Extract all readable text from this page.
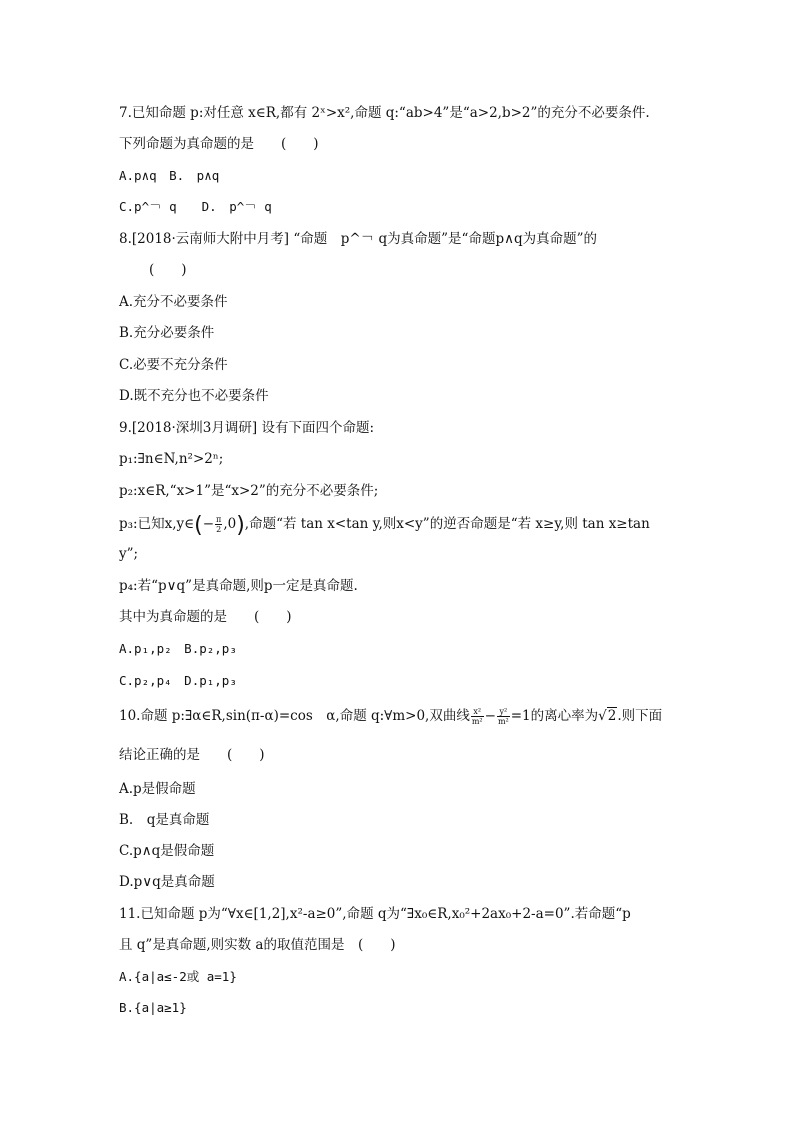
7.已知命题 p:对任意 x∈R,都有 2ˣ>x²,命题 q:“ab>4”是“a>2,b>2”的充分不必要条件.
下列命题为真命题的是　　(　　)
A.p∧q　B.　p∧q
C.p^￢ q　　D.　p^￢ q
8.[2018·云南师大附中月考] “命题　p^￢ q为真命题”是“命题p∧q为真命题”的
(　　)
A.充分不必要条件
B.充分必要条件
C.必要不充分条件
D.既不充分也不必要条件
9.[2018·深圳3月调研] 设有下面四个命题:
p₁:∃n∈N,n²>2ⁿ;
p₂:x∈R,“x>1”是“x>2”的充分不必要条件;
p₃:已知x,y∈(− $\frac{\pi}{2} ,0$),命题“若 tan x<tan y,则x<y”的逆否命题是“若 x≥y,则 tan x≥tan
y”;
p₄:若“p∨q”是真命题,则p一定是真命题.
其中为真命题的是　　(　　)
A.p₁,p₂　B.p₂,p₃
C.p₂,p₄　D.p₁,p₃
10.命题 p:∃α∈R,sin(π-α)=cos　α,命题 q:∀m>0,双曲线 $\frac{\text{x²}}{\text{m²}} - \frac{\text{y²}}{\text{m²}} =1$的离心率为√2.则下面
结论正确的是　　(　　)
A.p是假命题
B.　q是真命题
C.p∧q是假命题
D.p∨q是真命题
11.已知命题 p为“∀x∈[1,2],x²-a≥0”,命题 q为“∃x₀∈R,x₀²+2ax₀+2-a=0”.若命题“p
且 q”是真命题,则实数 a的取值范围是　(　　)
A.{a|a≤-2或 a=1}
B.{a|a≥1}
